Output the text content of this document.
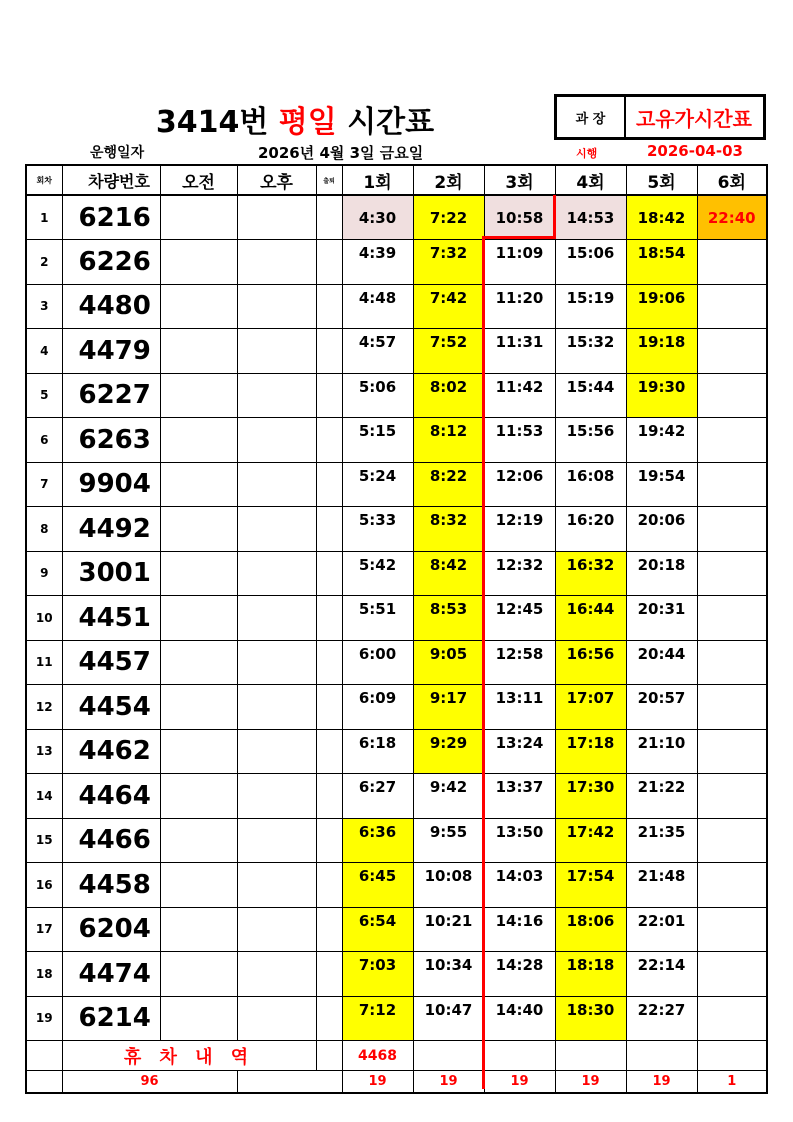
3414번 평일 시간표	과 장	고유가시간표
운행일자	2026년 4월 3일 금요일	시행	2026-04-03
회차	차량번호	오전	오후	출퇴	1회	2회	3회	4회	5회	6회
1	6216				4:30	7:22	10:58	14:53	18:42	22:40
2	6226				4:39	7:32	11:09	15:06	18:54	
3	4480				4:48	7:42	11:20	15:19	19:06	
4	4479				4:57	7:52	11:31	15:32	19:18	
5	6227				5:06	8:02	11:42	15:44	19:30	
6	6263				5:15	8:12	11:53	15:56	19:42	
7	9904				5:24	8:22	12:06	16:08	19:54	
8	4492				5:33	8:32	12:19	16:20	20:06	
9	3001				5:42	8:42	12:32	16:32	20:18	
10	4451				5:51	8:53	12:45	16:44	20:31	
11	4457				6:00	9:05	12:58	16:56	20:44	
12	4454				6:09	9:17	13:11	17:07	20:57	
13	4462				6:18	9:29	13:24	17:18	21:10	
14	4464				6:27	9:42	13:37	17:30	21:22	
15	4466				6:36	9:55	13:50	17:42	21:35	
16	4458				6:45	10:08	14:03	17:54	21:48	
17	6204				6:54	10:21	14:16	18:06	22:01	
18	4474				7:03	10:34	14:28	18:18	22:14	
19	6214				7:12	10:47	14:40	18:30	22:27	
	휴 차 내 역				4468					
	96				19	19	19	19	19	1
